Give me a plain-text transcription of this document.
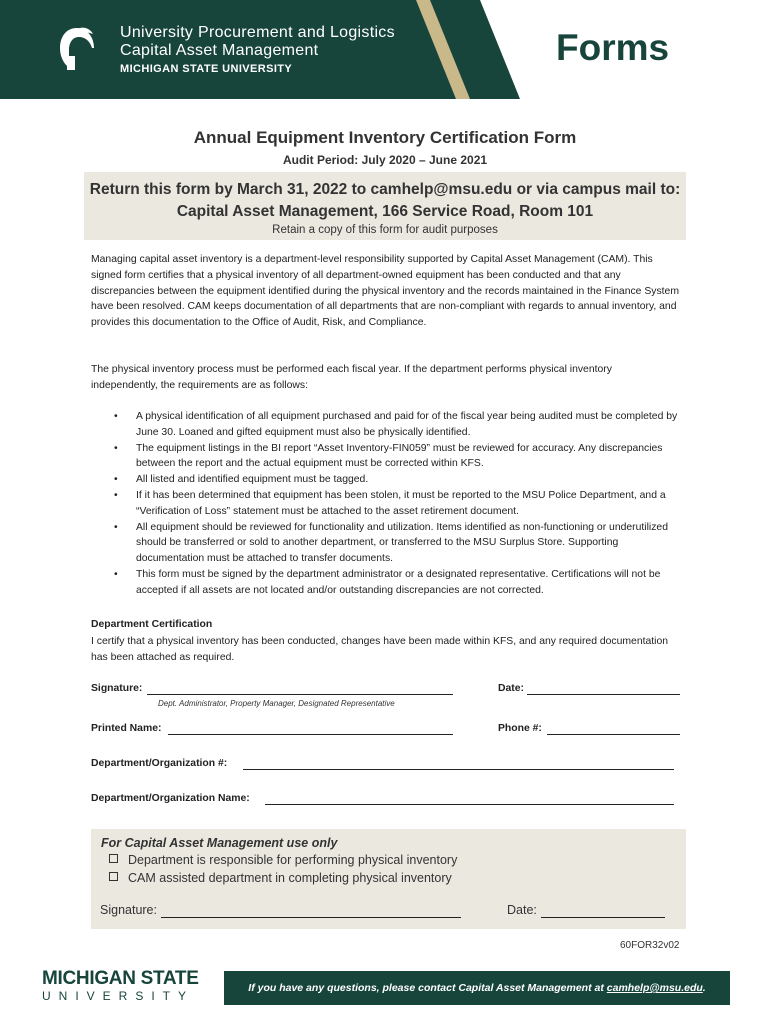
University Procurement and Logistics
Capital Asset Management
MICHIGAN STATE UNIVERSITY
Forms
Annual Equipment Inventory Certification Form
Audit Period: July 2020 – June 2021
Return this form by March 31, 2022 to camhelp@msu.edu or via campus mail to:
Capital Asset Management, 166 Service Road, Room 101
Retain a copy of this form for audit purposes
Managing capital asset inventory is a department-level responsibility supported by Capital Asset Management (CAM). This signed form certifies that a physical inventory of all department-owned equipment has been conducted and that any discrepancies between the equipment identified during the physical inventory and the records maintained in the Finance System have been resolved. CAM keeps documentation of all departments that are non-compliant with regards to annual inventory, and provides this documentation to the Office of Audit, Risk, and Compliance.
The physical inventory process must be performed each fiscal year. If the department performs physical inventory independently, the requirements are as follows:
• A physical identification of all equipment purchased and paid for of the fiscal year being audited must be completed by June 30. Loaned and gifted equipment must also be physically identified.
• The equipment listings in the BI report “Asset Inventory-FIN059” must be reviewed for accuracy. Any discrepancies between the report and the actual equipment must be corrected within KFS.
• All listed and identified equipment must be tagged.
• If it has been determined that equipment has been stolen, it must be reported to the MSU Police Department, and a “Verification of Loss” statement must be attached to the asset retirement document.
• All equipment should be reviewed for functionality and utilization. Items identified as non-functioning or underutilized should be transferred or sold to another department, or transferred to the MSU Surplus Store. Supporting documentation must be attached to transfer documents.
• This form must be signed by the department administrator or a designated representative. Certifications will not be accepted if all assets are not located and/or outstanding discrepancies are not corrected.
Department Certification
I certify that a physical inventory has been conducted, changes have been made within KFS, and any required documentation has been attached as required.
Signature:
Dept. Administrator, Property Manager, Designated Representative
Date:
Printed Name:	Phone #:
Department/Organization #:
Department/Organization Name:
For Capital Asset Management use only
Department is responsible for performing physical inventory
CAM assisted department in completing physical inventory
Signature:	Date:
60FOR32v02
MICHIGAN STATE
UNIVERSITY
If you have any questions, please contact Capital Asset Management at camhelp@msu.edu.
